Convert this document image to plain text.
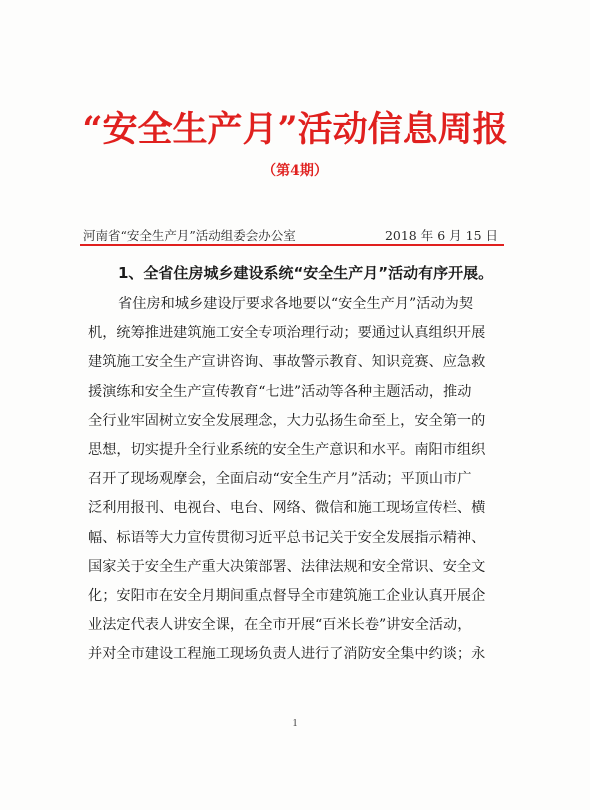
“安全生产月”活动信息周报
（第4期）
河南省“安全生产月”活动组委会办公室	2018 年 6 月 15 日
1、全省住房城乡建设系统“安全生产月”活动有序开展。
省住房和城乡建设厅要求各地要以“安全生产月”活动为契
机，统筹推进建筑施工安全专项治理行动；要通过认真组织开展
建筑施工安全生产宣讲咨询、事故警示教育、知识竞赛、应急救
援演练和安全生产宣传教育“七进”活动等各种主题活动，推动
全行业牢固树立安全发展理念，大力弘扬生命至上，安全第一的
思想，切实提升全行业系统的安全生产意识和水平。南阳市组织
召开了现场观摩会，全面启动“安全生产月”活动；平顶山市广
泛利用报刊、电视台、电台、网络、微信和施工现场宣传栏、横
幅、标语等大力宣传贯彻习近平总书记关于安全发展指示精神、
国家关于安全生产重大决策部署、法律法规和安全常识、安全文
化；安阳市在安全月期间重点督导全市建筑施工企业认真开展企
业法定代表人讲安全课，在全市开展“百米长卷”讲安全活动，
并对全市建设工程施工现场负责人进行了消防安全集中约谈；永
1
